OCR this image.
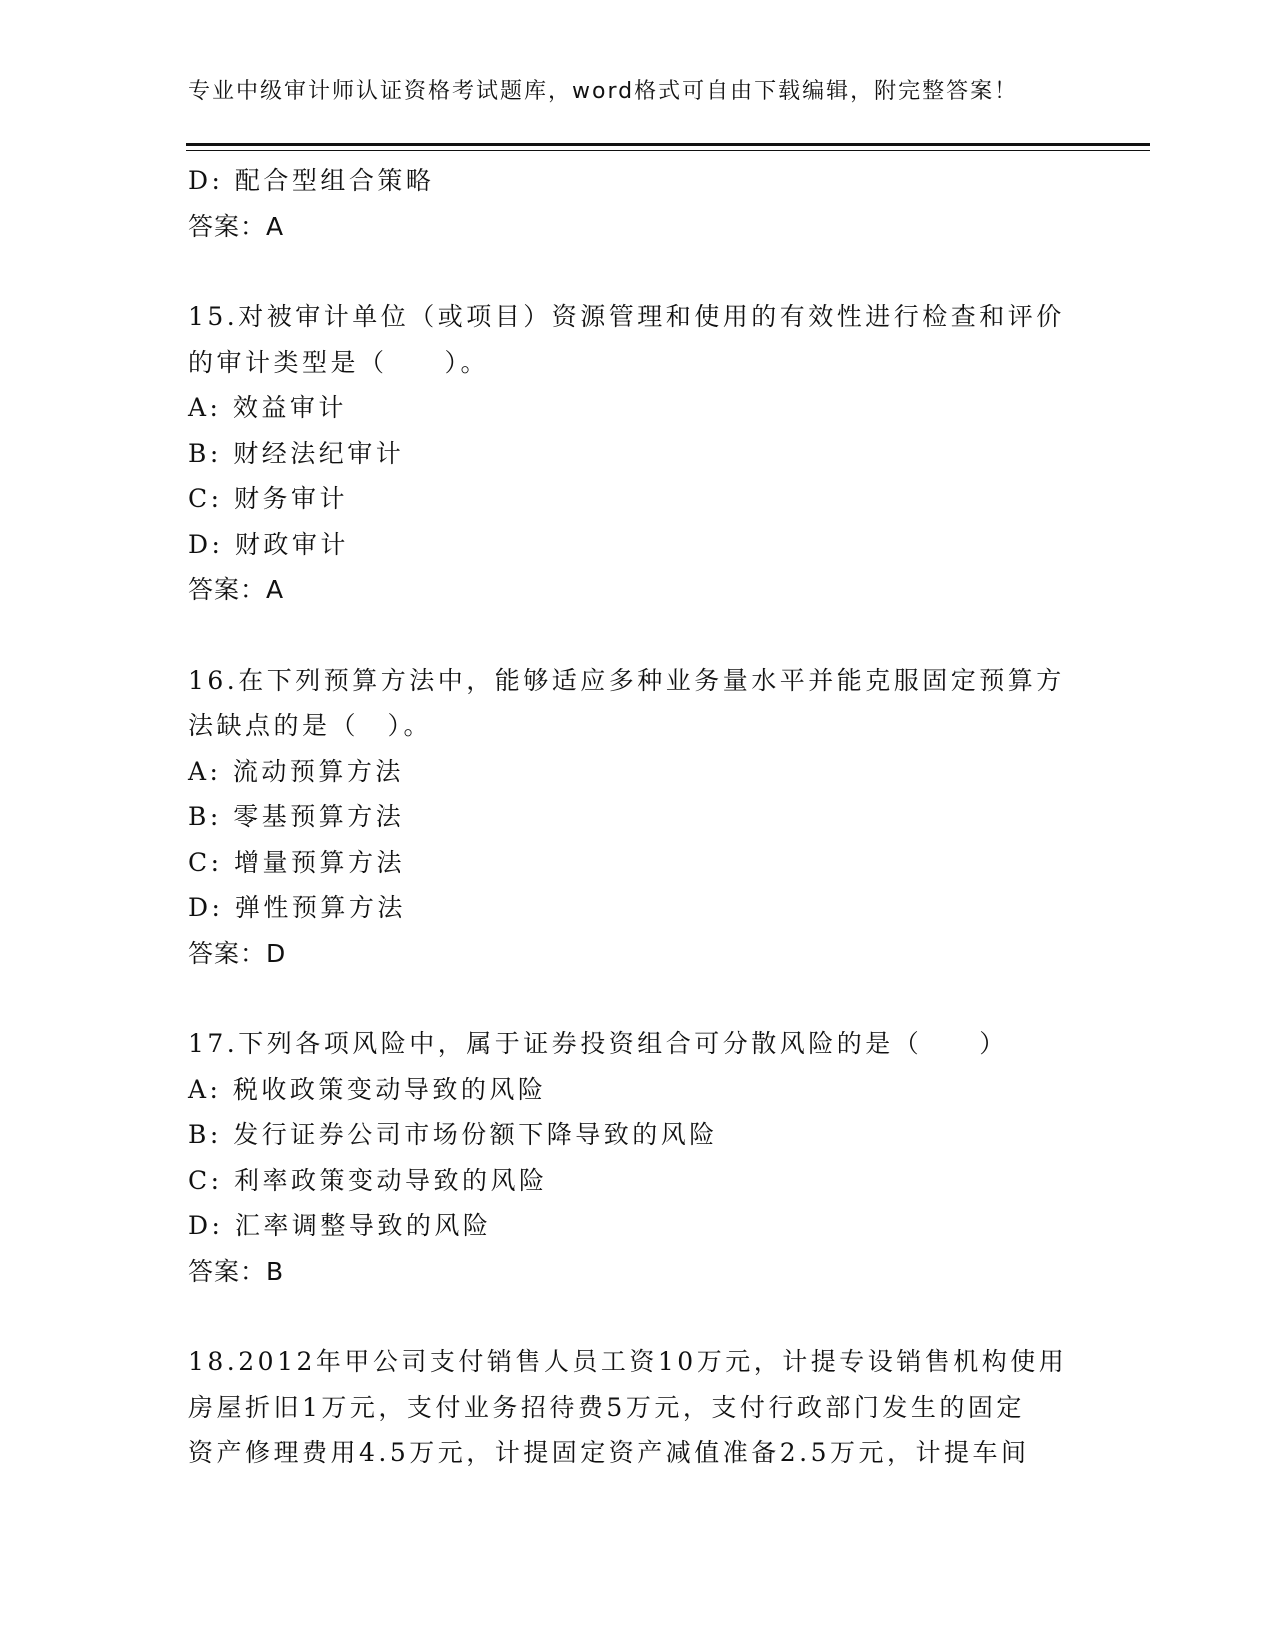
专业中级审计师认证资格考试题库，word格式可自由下载编辑，附完整答案！
D: 配合型组合策略
答案：A
15.对被审计单位（或项目）资源管理和使用的有效性进行检查和评价
的审计类型是（　　）。
A: 效益审计
B: 财经法纪审计
C: 财务审计
D: 财政审计
答案：A
16.在下列预算方法中，能够适应多种业务量水平并能克服固定预算方
法缺点的是（　）。
A: 流动预算方法
B: 零基预算方法
C: 增量预算方法
D: 弹性预算方法
答案：D
17.下列各项风险中，属于证券投资组合可分散风险的是（　　）
A: 税收政策变动导致的风险
B: 发行证券公司市场份额下降导致的风险
C: 利率政策变动导致的风险
D: 汇率调整导致的风险
答案：B
18.2012年甲公司支付销售人员工资10万元，计提专设销售机构使用
房屋折旧1万元，支付业务招待费5万元，支付行政部门发生的固定
资产修理费用4.5万元，计提固定资产减值准备2.5万元，计提车间
